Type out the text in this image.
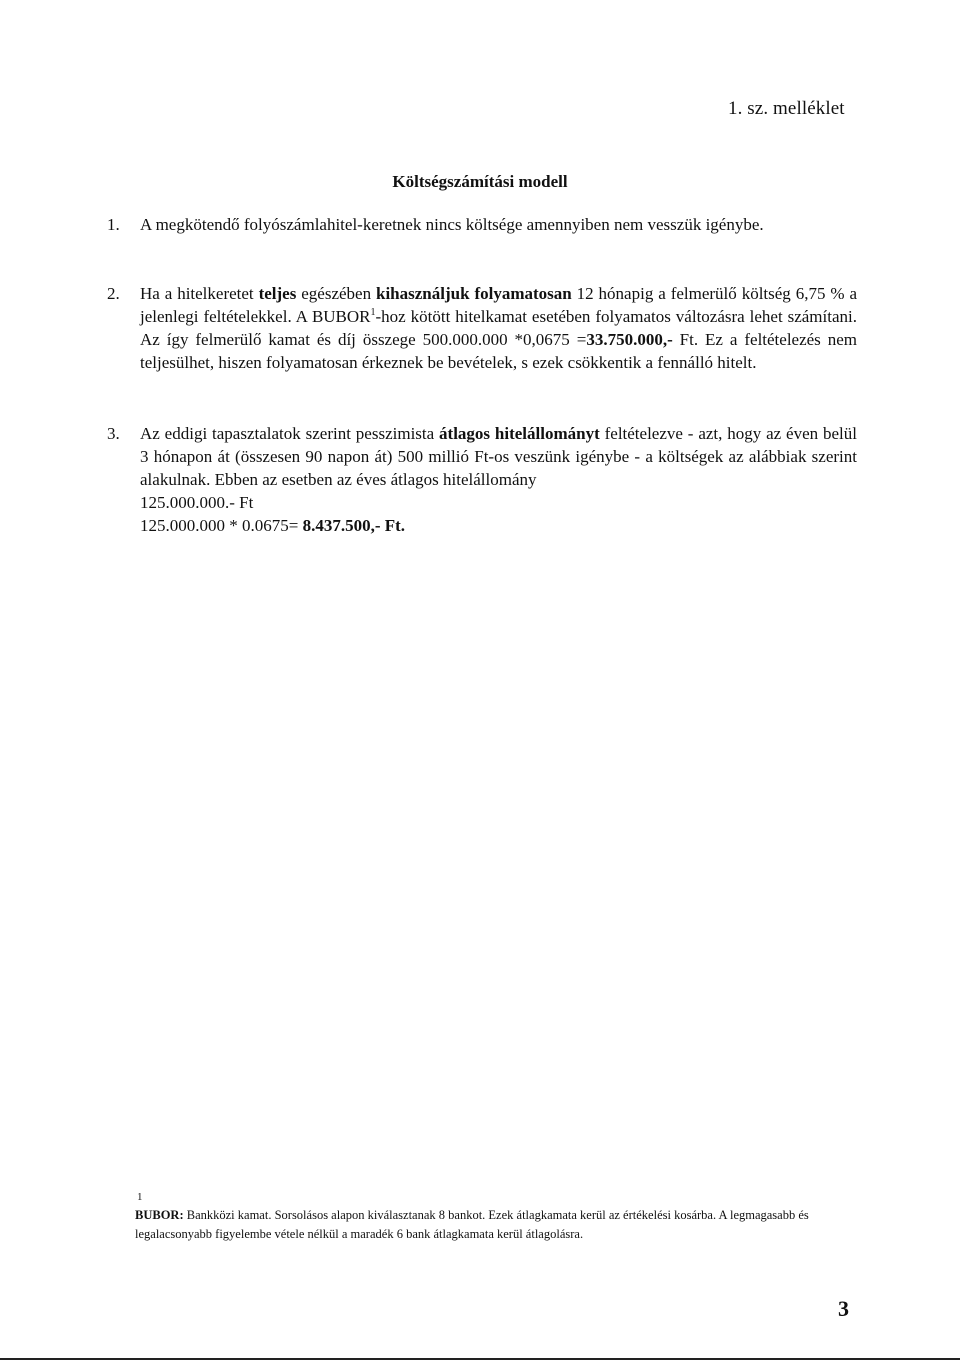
1. sz. melléklet
Költségszámítási modell
1. A megkötendő folyószámlahitel-keretnek nincs költsége amennyiben nem vesszük igénybe.
2. Ha a hitelkeretet teljes egészében kihasználjuk folyamatosan 12 hónapig a felmerülő költség 6,75 % a jelenlegi feltételekkel. A BUBOR$^1$-hoz kötött hitelkamat esetében folyamatos változásra lehet számítani. Az így felmerülő kamat és díj összege 500.000.000 *0,0675 =33.750.000,- Ft. Ez a feltételezés nem teljesülhet, hiszen folyamatosan érkeznek be bevételek, s ezek csökkentik a fennálló hitelt.
3. Az eddigi tapasztalatok szerint pesszimista átlagos hitelállományt feltételezve - azt, hogy az éven belül 3 hónapon át (összesen 90 napon át) 500 millió Ft-os veszünk igénybe - a költségek az alábbiak szerint alakulnak. Ebben az esetben az éves átlagos hitelállomány
125.000.000.- Ft
125.000.000 * 0.0675= 8.437.500,- Ft.
1
BUBOR: Bankközi kamat. Sorsolásos alapon kiválasztanak 8 bankot. Ezek átlagkamata kerül az értékelési kosárba. A legmagasabb és legalacsonyabb figyelembe vétele nélkül a maradék 6 bank átlagkamata kerül átlagolásra.
3
